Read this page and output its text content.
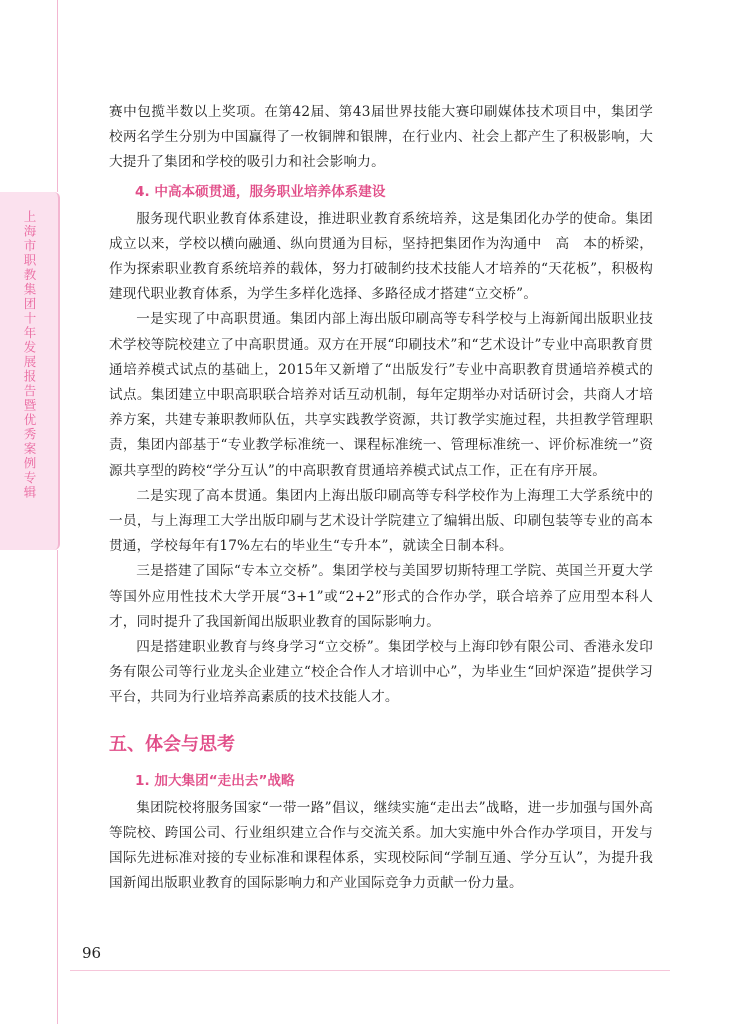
上海市职教集团十年发展报告暨优秀案例专辑

赛中包揽半数以上奖项。在第42届、第43届世界技能大赛印刷媒体技术项目中，集团学校两名学生分别为中国赢得了一枚铜牌和银牌，在行业内、社会上都产生了积极影响，大大提升了集团和学校的吸引力和社会影响力。

4. 中高本硕贯通，服务职业培养体系建设

服务现代职业教育体系建设，推进职业教育系统培养，这是集团化办学的使命。集团成立以来，学校以横向融通、纵向贯通为目标，坚持把集团作为沟通中　高　本的桥梁，作为探索职业教育系统培养的载体，努力打破制约技术技能人才培养的“天花板”，积极构建现代职业教育体系，为学生多样化选择、多路径成才搭建“立交桥”。

一是实现了中高职贯通。集团内部上海出版印刷高等专科学校与上海新闻出版职业技术学校等院校建立了中高职贯通。双方在开展“印刷技术”和“艺术设计”专业中高职教育贯通培养模式试点的基础上，2015年又新增了“出版发行”专业中高职教育贯通培养模式的试点。集团建立中职高职联合培养对话互动机制，每年定期举办对话研讨会，共商人才培养方案，共建专兼职教师队伍，共享实践教学资源，共订教学实施过程，共担教学管理职责，集团内部基于“专业教学标准统一、课程标准统一、管理标准统一、评价标准统一”资源共享型的跨校“学分互认”的中高职教育贯通培养模式试点工作，正在有序开展。

二是实现了高本贯通。集团内上海出版印刷高等专科学校作为上海理工大学系统中的一员，与上海理工大学出版印刷与艺术设计学院建立了编辑出版、印刷包装等专业的高本贯通，学校每年有17%左右的毕业生“专升本”，就读全日制本科。

三是搭建了国际“专本立交桥”。集团学校与美国罗切斯特理工学院、英国兰开夏大学等国外应用性技术大学开展“3+1”或“2+2”形式的合作办学，联合培养了应用型本科人才，同时提升了我国新闻出版职业教育的国际影响力。

四是搭建职业教育与终身学习“立交桥”。集团学校与上海印钞有限公司、香港永发印务有限公司等行业龙头企业建立“校企合作人才培训中心”，为毕业生“回炉深造”提供学习平台，共同为行业培养高素质的技术技能人才。

五、体会与思考
1. 加大集团“走出去”战略

集团院校将服务国家“一带一路”倡议，继续实施“走出去”战略，进一步加强与国外高等院校、跨国公司、行业组织建立合作与交流关系。加大实施中外合作办学项目，开发与国际先进标准对接的专业标准和课程体系，实现校际间“学制互通、学分互认”，为提升我国新闻出版职业教育的国际影响力和产业国际竞争力贡献一份力量。

96
